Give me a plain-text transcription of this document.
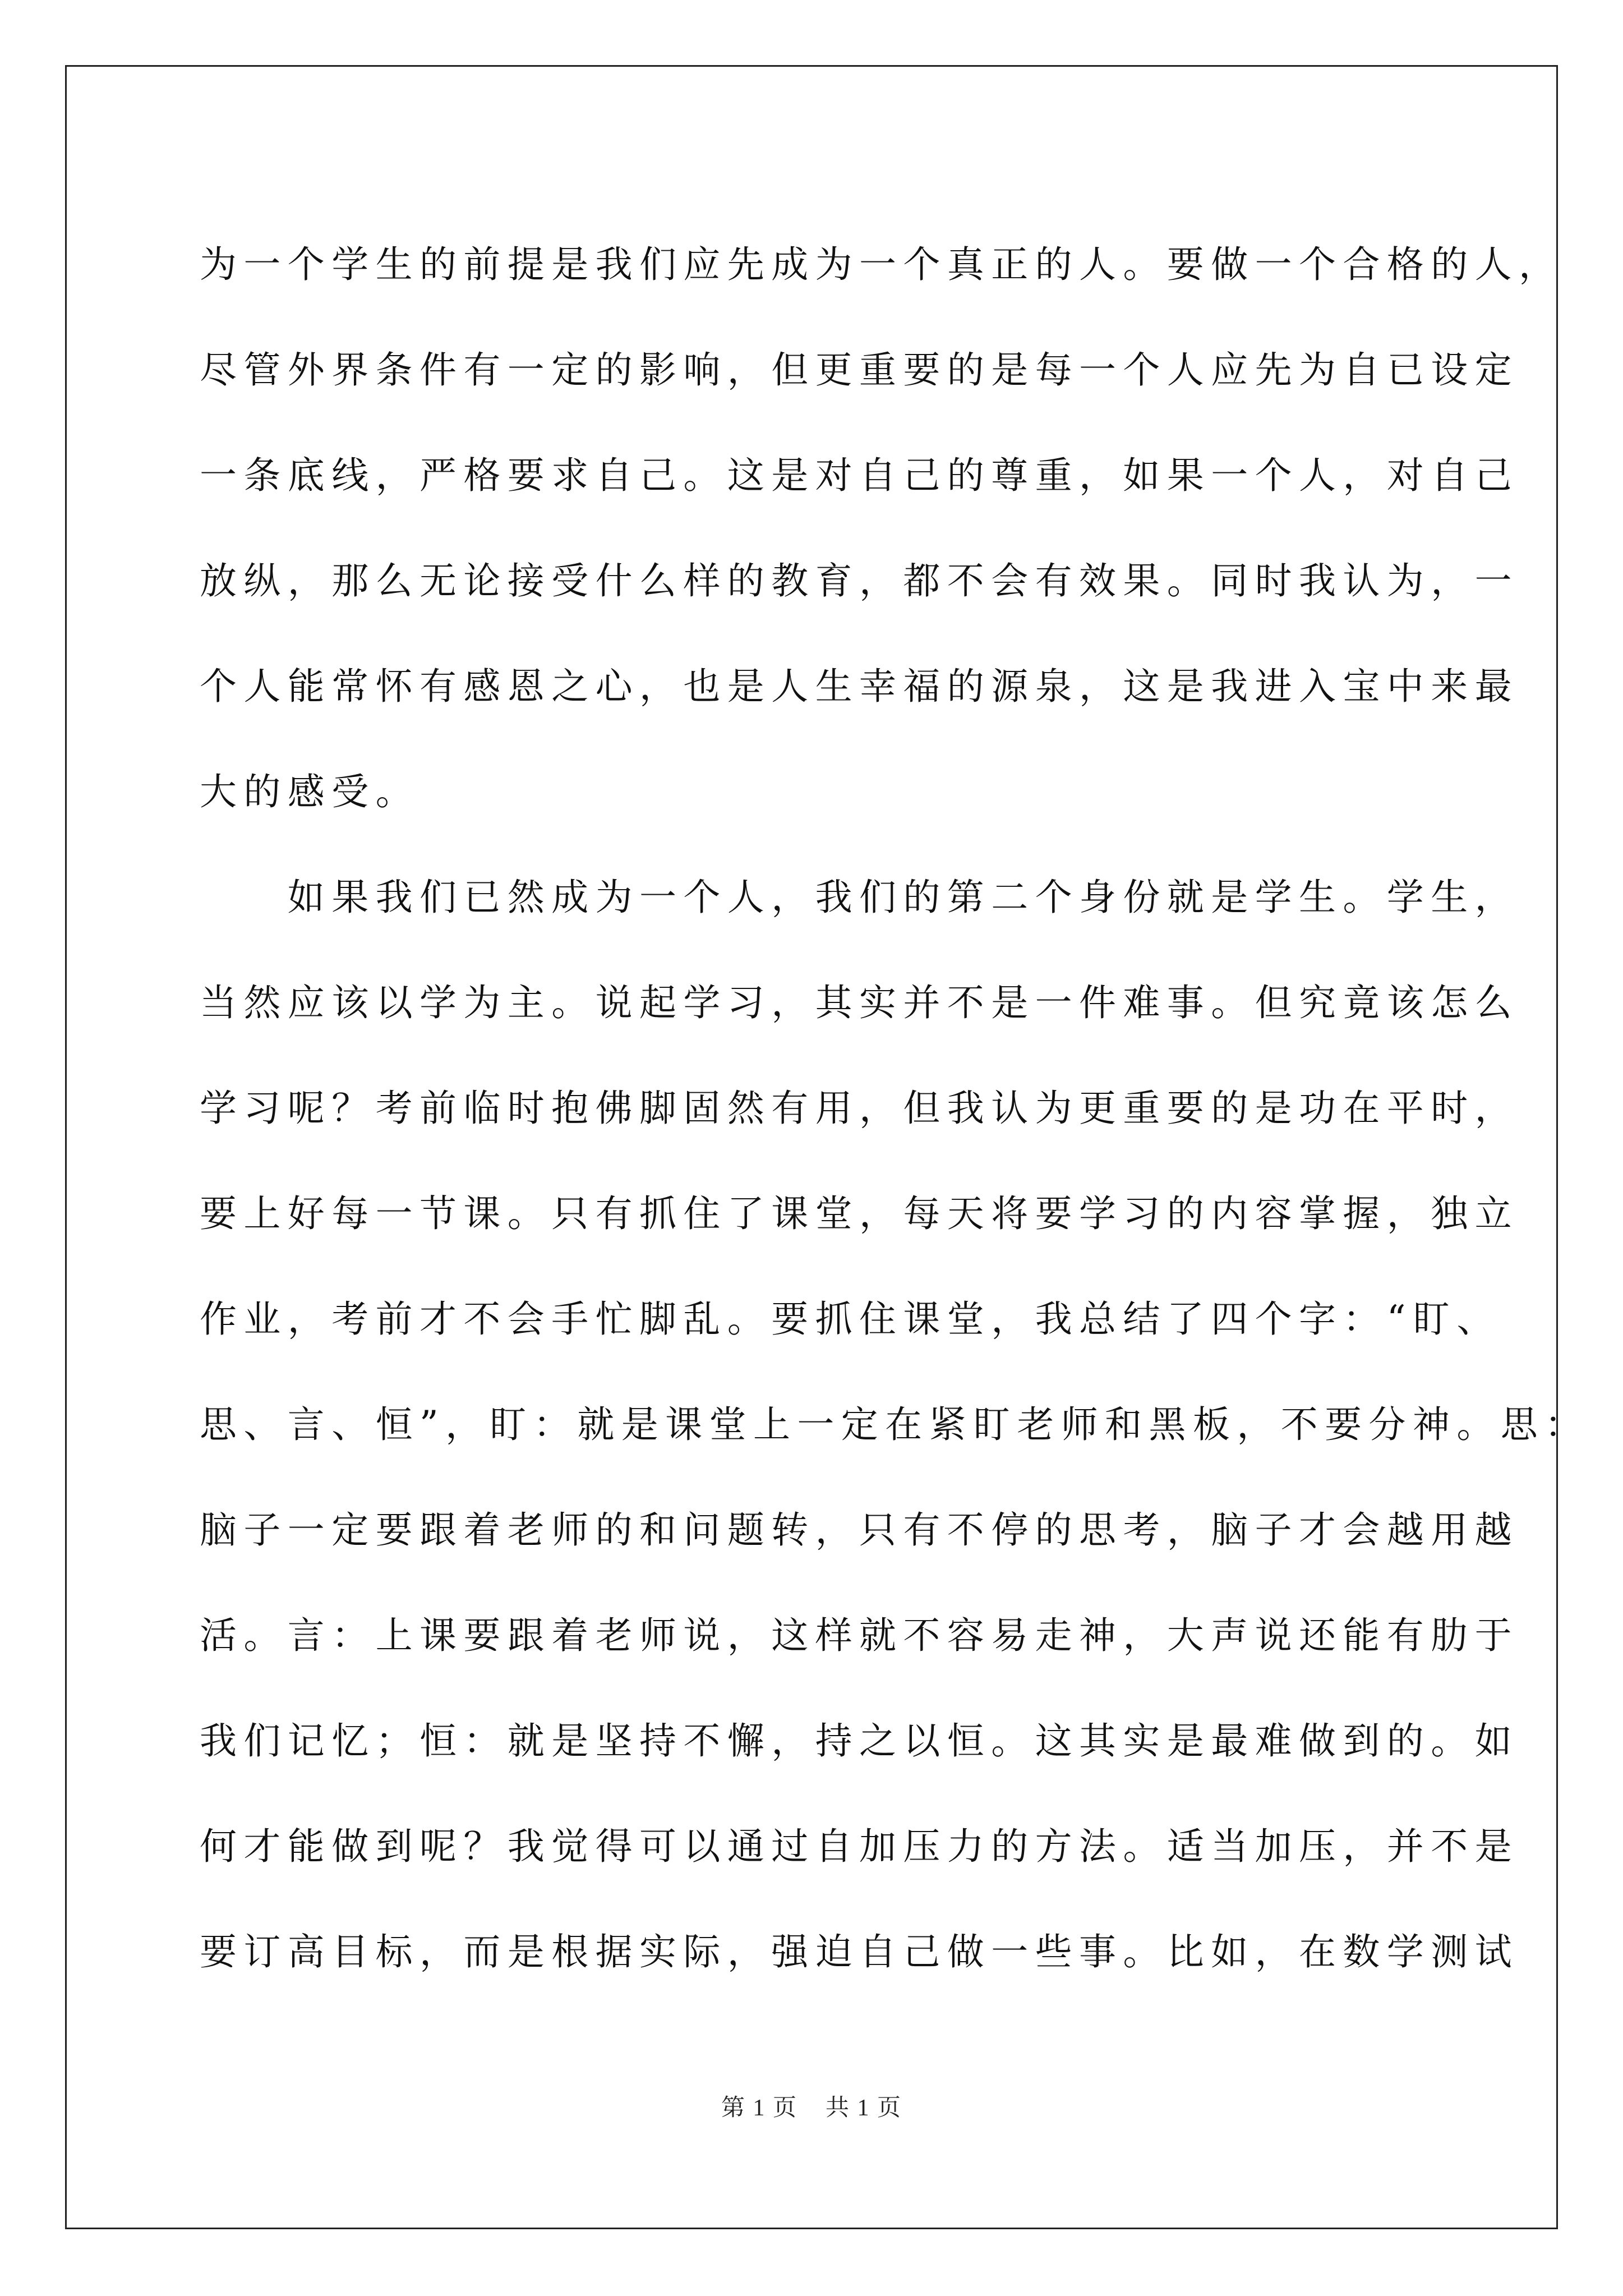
为一个学生的前提是我们应先成为一个真正的人。要做一个合格的人，
尽管外界条件有一定的影响，但更重要的是每一个人应先为自已设定
一条底线，严格要求自己。这是对自己的尊重，如果一个人，对自己
放纵，那么无论接受什么样的教育，都不会有效果。同时我认为，一
个人能常怀有感恩之心，也是人生幸福的源泉，这是我进入宝中来最
大的感受。
　　如果我们已然成为一个人，我们的第二个身份就是学生。学生，
当然应该以学为主。说起学习，其实并不是一件难事。但究竟该怎么
学习呢？考前临时抱佛脚固然有用，但我认为更重要的是功在平时，
要上好每一节课。只有抓住了课堂，每天将要学习的内容掌握，独立
作业，考前才不会手忙脚乱。要抓住课堂，我总结了四个字：“盯、
思、言、恒”，盯：就是课堂上一定在紧盯老师和黑板，不要分神。思：
脑子一定要跟着老师的和问题转，只有不停的思考，脑子才会越用越
活。言：上课要跟着老师说，这样就不容易走神，大声说还能有肋于
我们记忆；恒：就是坚持不懈，持之以恒。这其实是最难做到的。如
何才能做到呢？我觉得可以通过自加压力的方法。适当加压，并不是
要订高目标，而是根据实际，强迫自己做一些事。比如，在数学测试
第 1 页 共 1 页
